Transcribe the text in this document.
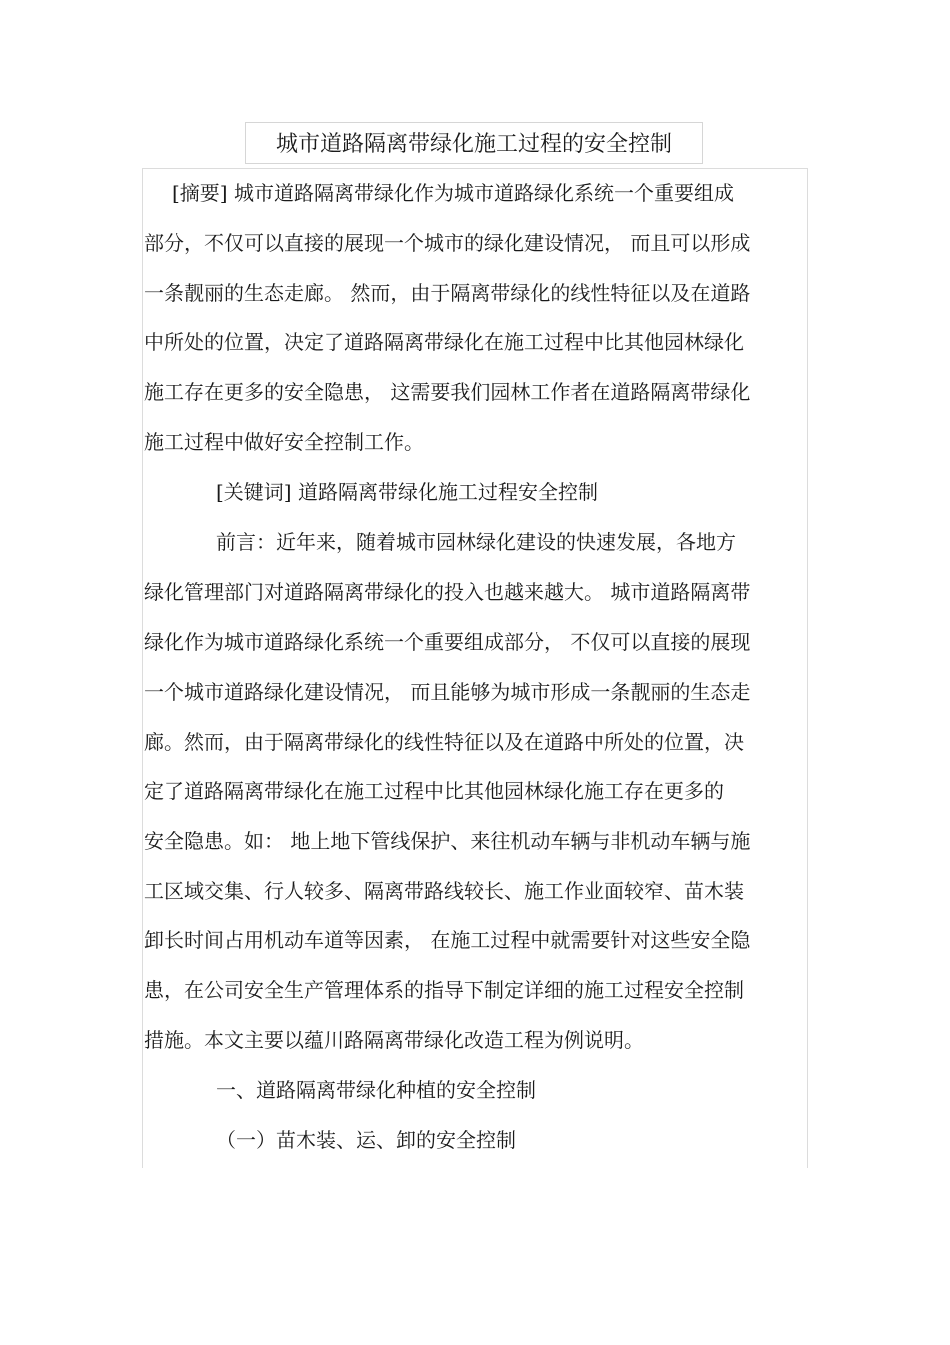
城市道路隔离带绿化施工过程的安全控制
[摘要] 城市道路隔离带绿化作为城市道路绿化系统一个重要组成
部分，不仅可以直接的展现一个城市的绿化建设情况， 而且可以形成
一条靓丽的生态走廊。 然而，由于隔离带绿化的线性特征以及在道路
中所处的位置，决定了道路隔离带绿化在施工过程中比其他园林绿化
施工存在更多的安全隐患， 这需要我们园林工作者在道路隔离带绿化
施工过程中做好安全控制工作。
[关键词] 道路隔离带绿化施工过程安全控制
前言：近年来，随着城市园林绿化建设的快速发展，各地方
绿化管理部门对道路隔离带绿化的投入也越来越大。 城市道路隔离带
绿化作为城市道路绿化系统一个重要组成部分， 不仅可以直接的展现
一个城市道路绿化建设情况， 而且能够为城市形成一条靓丽的生态走
廊。然而，由于隔离带绿化的线性特征以及在道路中所处的位置，决
定了道路隔离带绿化在施工过程中比其他园林绿化施工存在更多的
安全隐患。如： 地上地下管线保护、来往机动车辆与非机动车辆与施
工区域交集、行人较多、隔离带路线较长、施工作业面较窄、苗木装
卸长时间占用机动车道等因素， 在施工过程中就需要针对这些安全隐
患，在公司安全生产管理体系的指导下制定详细的施工过程安全控制
措施。本文主要以蕴川路隔离带绿化改造工程为例说明。
一、道路隔离带绿化种植的安全控制
（一）苗木装、运、卸的安全控制
